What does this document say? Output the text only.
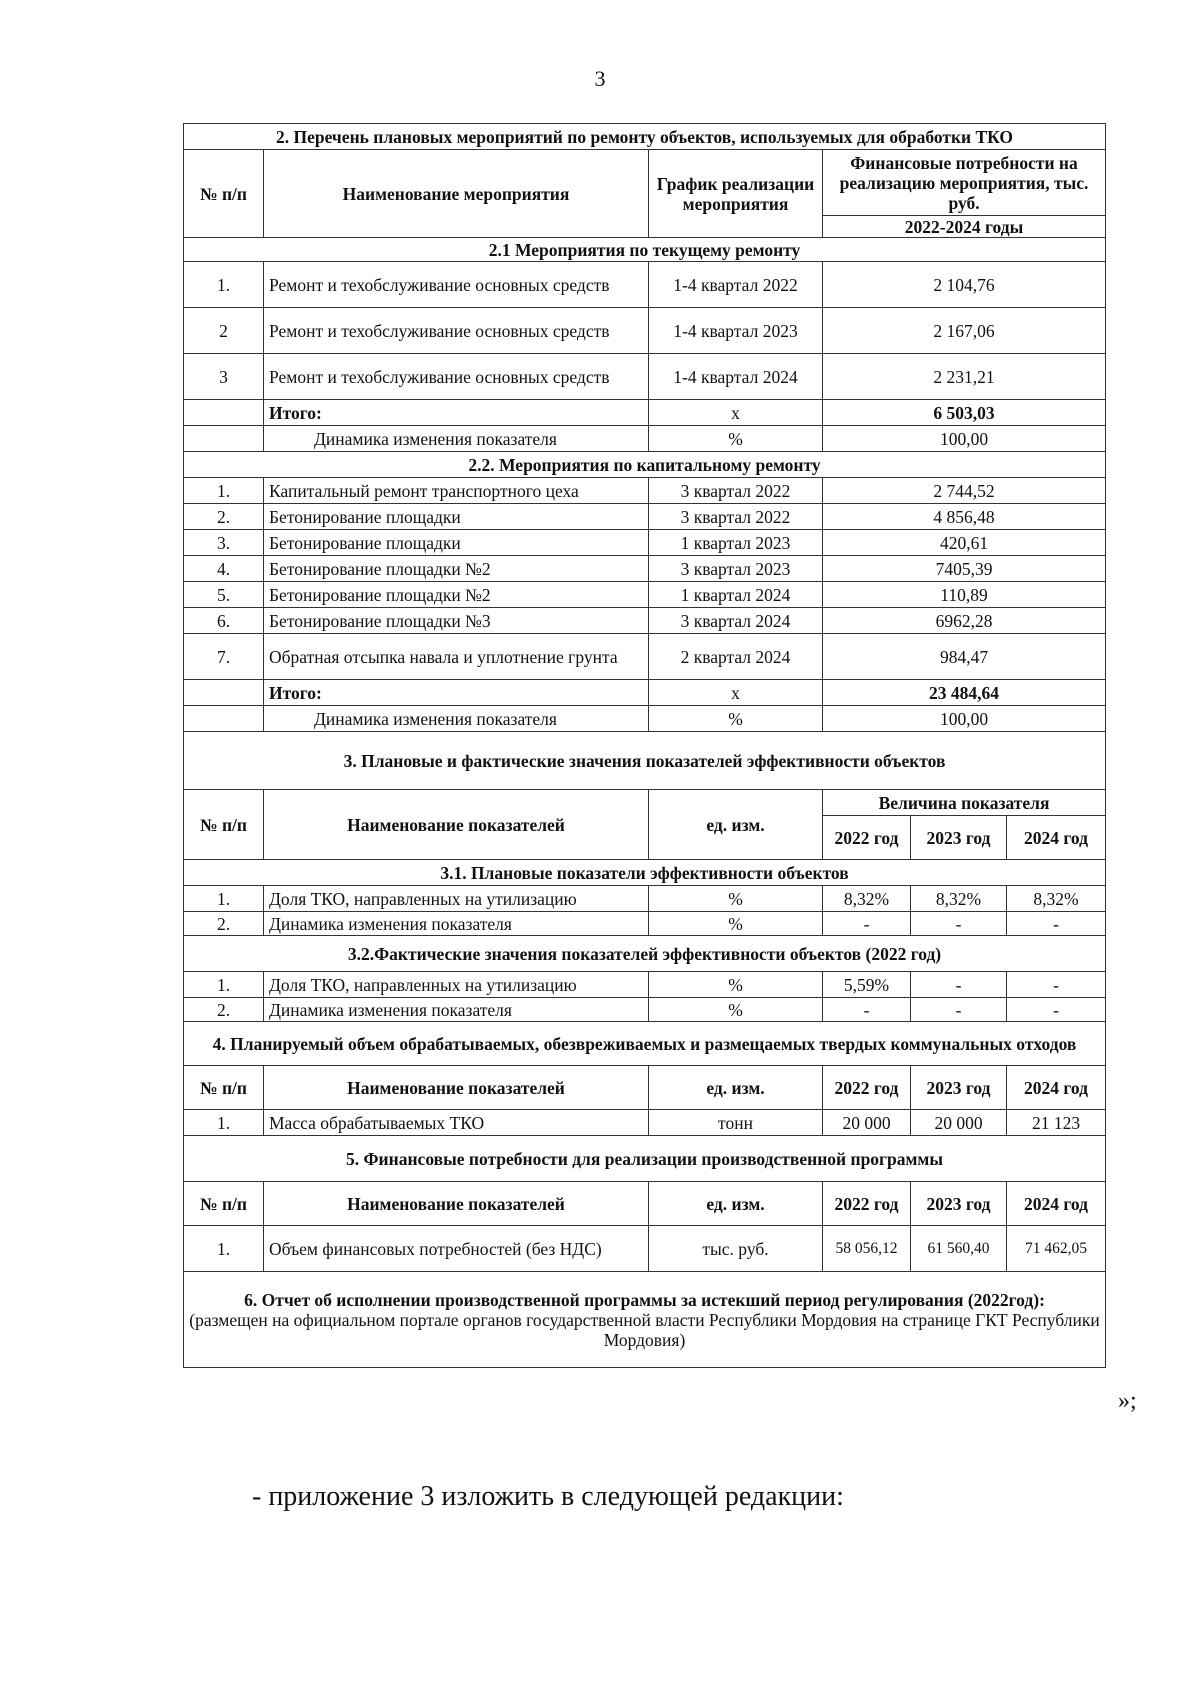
3
2. Перечень плановых мероприятий по ремонту объектов, используемых для обработки ТКО					
№ п/п	Наименование мероприятия	График реализации мероприятия	Финансовые потребности на реализацию мероприятия, тыс. руб.		
			2022-2024 годы		
2.1 Мероприятия по текущему ремонту					
1.	Ремонт и техобслуживание основных средств	1-4 квартал 2022	2 104,76		
2	Ремонт и техобслуживание основных средств	1-4 квартал 2023	2 167,06		
3	Ремонт и техобслуживание основных средств	1-4 квартал 2024	2 231,21		
	Итого:	х	6 503,03		
	Динамика изменения показателя	%	100,00		
2.2. Мероприятия по капитальному ремонту					
1.	Капитальный ремонт транспортного цеха	3 квартал 2022	2 744,52		
2.	Бетонирование площадки	3 квартал 2022	4 856,48		
3.	Бетонирование площадки	1 квартал 2023	420,61		
4.	Бетонирование площадки №2	3 квартал 2023	7405,39		
5.	Бетонирование площадки №2	1 квартал 2024	110,89		
6.	Бетонирование площадки №3	3 квартал 2024	6962,28		
7.	Обратная отсыпка навала и уплотнение грунта	2 квартал 2024	984,47		
	Итого:	х	23 484,64		
	Динамика изменения показателя	%	100,00		
3. Плановые и фактические значения показателей эффективности объектов					
№ п/п	Наименование показателей	ед. изм.	Величина показателя		
			2022 год	2023 год	2024 год
3.1. Плановые показатели эффективности объектов					
1.	Доля ТКО, направленных на утилизацию	%	8,32%	8,32%	8,32%
2.	Динамика изменения показателя	%	-	-	-
3.2.Фактические значения показателей эффективности объектов (2022 год)					
1.	Доля ТКО, направленных на утилизацию	%	5,59%	-	-
2.	Динамика изменения показателя	%	-	-	-
4. Планируемый объем обрабатываемых, обезвреживаемых и размещаемых твердых коммунальных отходов					
№ п/п	Наименование показателей	ед. изм.	2022 год	2023 год	2024 год
1.	Масса обрабатываемых ТКО	тонн	20 000	20 000	21 123
5. Финансовые потребности для реализации производственной программы					
№ п/п	Наименование показателей	ед. изм.	2022 год	2023 год	2024 год
1.	Объем финансовых потребностей (без НДС)	тыс. руб.	58 056,12	61 560,40	71 462,05

6. Отчет об исполнении производственной программы за истекший период регулирования (2022год):
(размещен на официальном портале органов государственной власти Республики Мордовия на странице ГКТ Республики Мордовия)					
»;
- приложение 3 изложить в следующей редакции:
